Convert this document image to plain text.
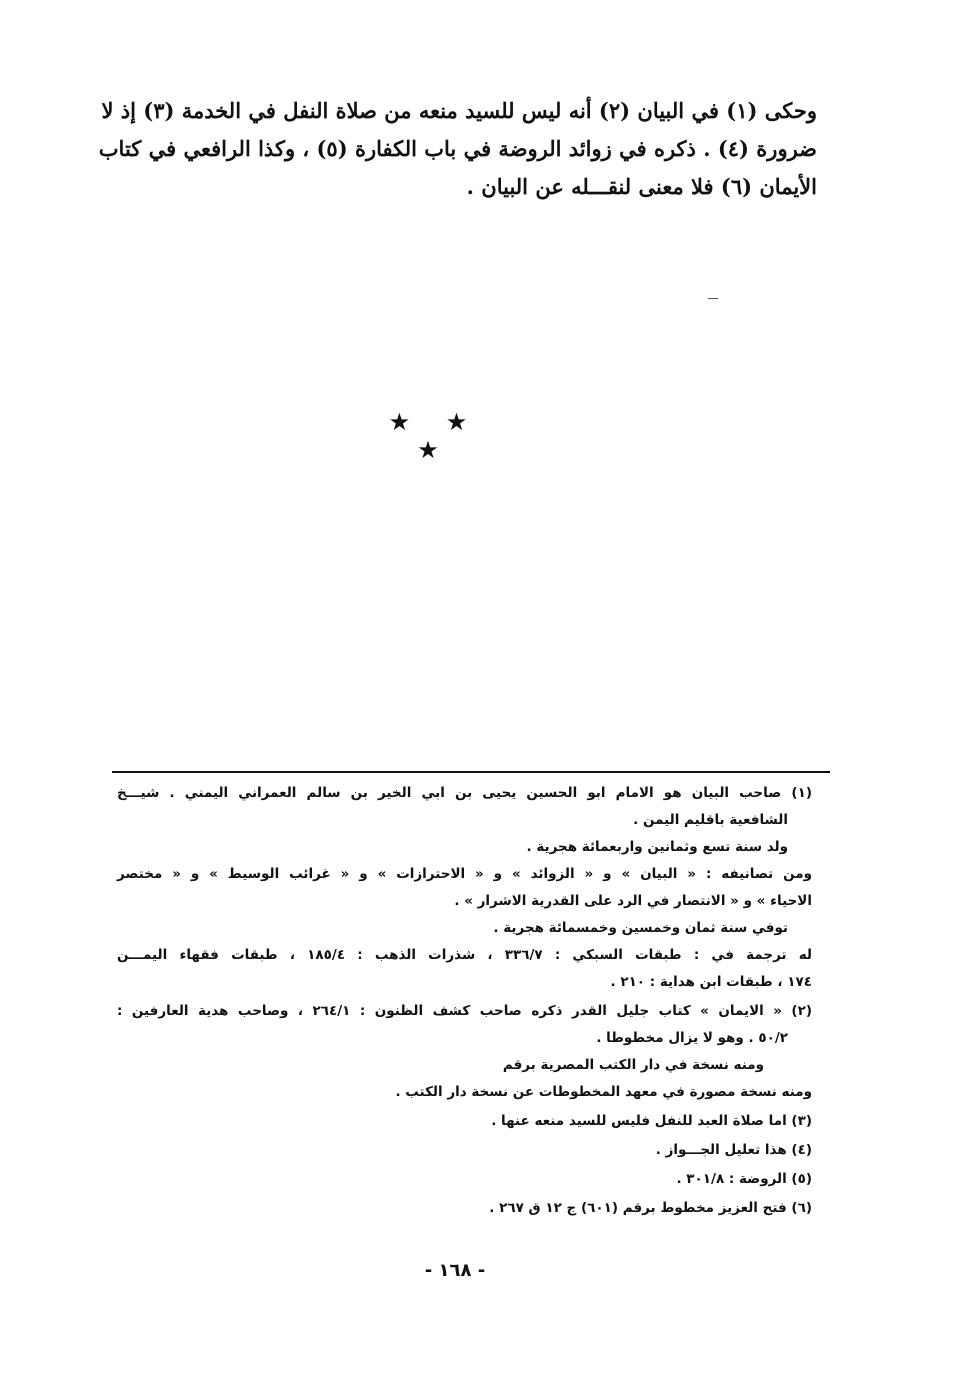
وحكى (١) في البيان (٢) أنه ليس للسيد منعه من صلاة النفل في الخدمة (٣) إذ لا
ضرورة (٤) . ذكره في زوائد الروضة في باب الكفارة (٥) ، وكذا الرافعي في كتاب
الأيمان (٦) فلا معنى لنقـــله عن البيان .
★ ★ ★
(١) صاحب البيان هو الامام ابو الحسين يحيى بن ابي الخير بن سالم العمراني اليمني . شيـــخ
الشافعية باقليم اليمن .
ولد سنة تسع وثمانين واربعمائة هجرية .
ومن تصانيفه : « البيان » و « الزوائد » و « الاحترازات » و « غرائب الوسيط » و « مختصر
الاحياء » و « الانتصار في الرد على القدرية الاشرار » .
توفي سنة ثمان وخمسين وخمسمائة هجرية .
له ترجمة في : طبقات السبكي : ٣٣٦/٧ ، شذرات الذهب : ١٨٥/٤ ، طبقات فقهاء اليمـــن
١٧٤ ، طبقات ابن هداية : ٢١٠ .
(٢) « الايمان » كتاب جليل القدر ذكره صاحب كشف الظنون : ٢٦٤/١ ، وصاحب هدية العارفين :
٥٠/٢ . وهو لا يزال مخطوطا .
ومنه نسخة في دار الكتب المصرية برقم
ومنه نسخة مصورة في معهد المخطوطات عن نسخة دار الكتب .
(٣) اما صلاة العبد للنفل فليس للسيد منعه عنها .
(٤) هذا تعليل الجـــواز .
(٥) الروضة : ٣٠١/٨ .
(٦) فتح العزيز مخطوط برقم (٦٠١) ج ١٢ ق ٢٦٧ .
- ١٦٨ -
